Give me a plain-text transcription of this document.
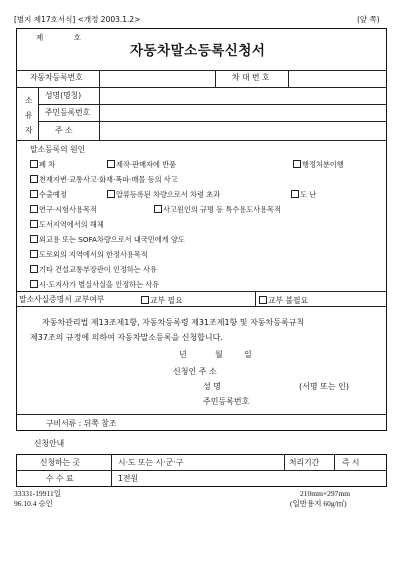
[별지 제17호서식] <개정 2003.1.2>	(앞 쪽)
제 호
자동차말소등록신청서
자동차등록번호	차 대 번 호
소
유
자
성명(명칭)
주민등록번호
주 소
말소등록의 원인
폐 차	제작·판매자에 반품	행정처분이행
천재지변·교통사고·화재·폭파·매몰 등의 사고
수출예정	압류등록된 차량으로서 차령 초과	도 난
연구·시험사용목적	사고원인의 규명 등 특수용도사용목적
도서지역에서의 해체
외교용 또는 SOFA차량으로서 내국민에게 양도
도로외의 지역에서의 한정사용목적
기타 건설교통부장관이 인정하는 사유
시·도지사가 별실사실을 인정하는 사유
말소사실증명서 교부여부	교부 필요	교부 불필요
자동차관리법 제13조제1항, 자동차등록령 제31조제1항 및 자동차등록규칙
제37조의 규정에 의하여 자동차말소등록을 신청합니다.
년	월	일
신청인 주 소
성 명	(서명 또는 인)
주민등록번호
구비서류 : 뒤쪽 참조
신청안내
신청하는 곳	시·도 또는 시·군·구	처리기간	즉 시
수 수 료	1전원
33331-19911일
96.10.4 승인
210mm×297mm
(일반용지 60g/㎡)
